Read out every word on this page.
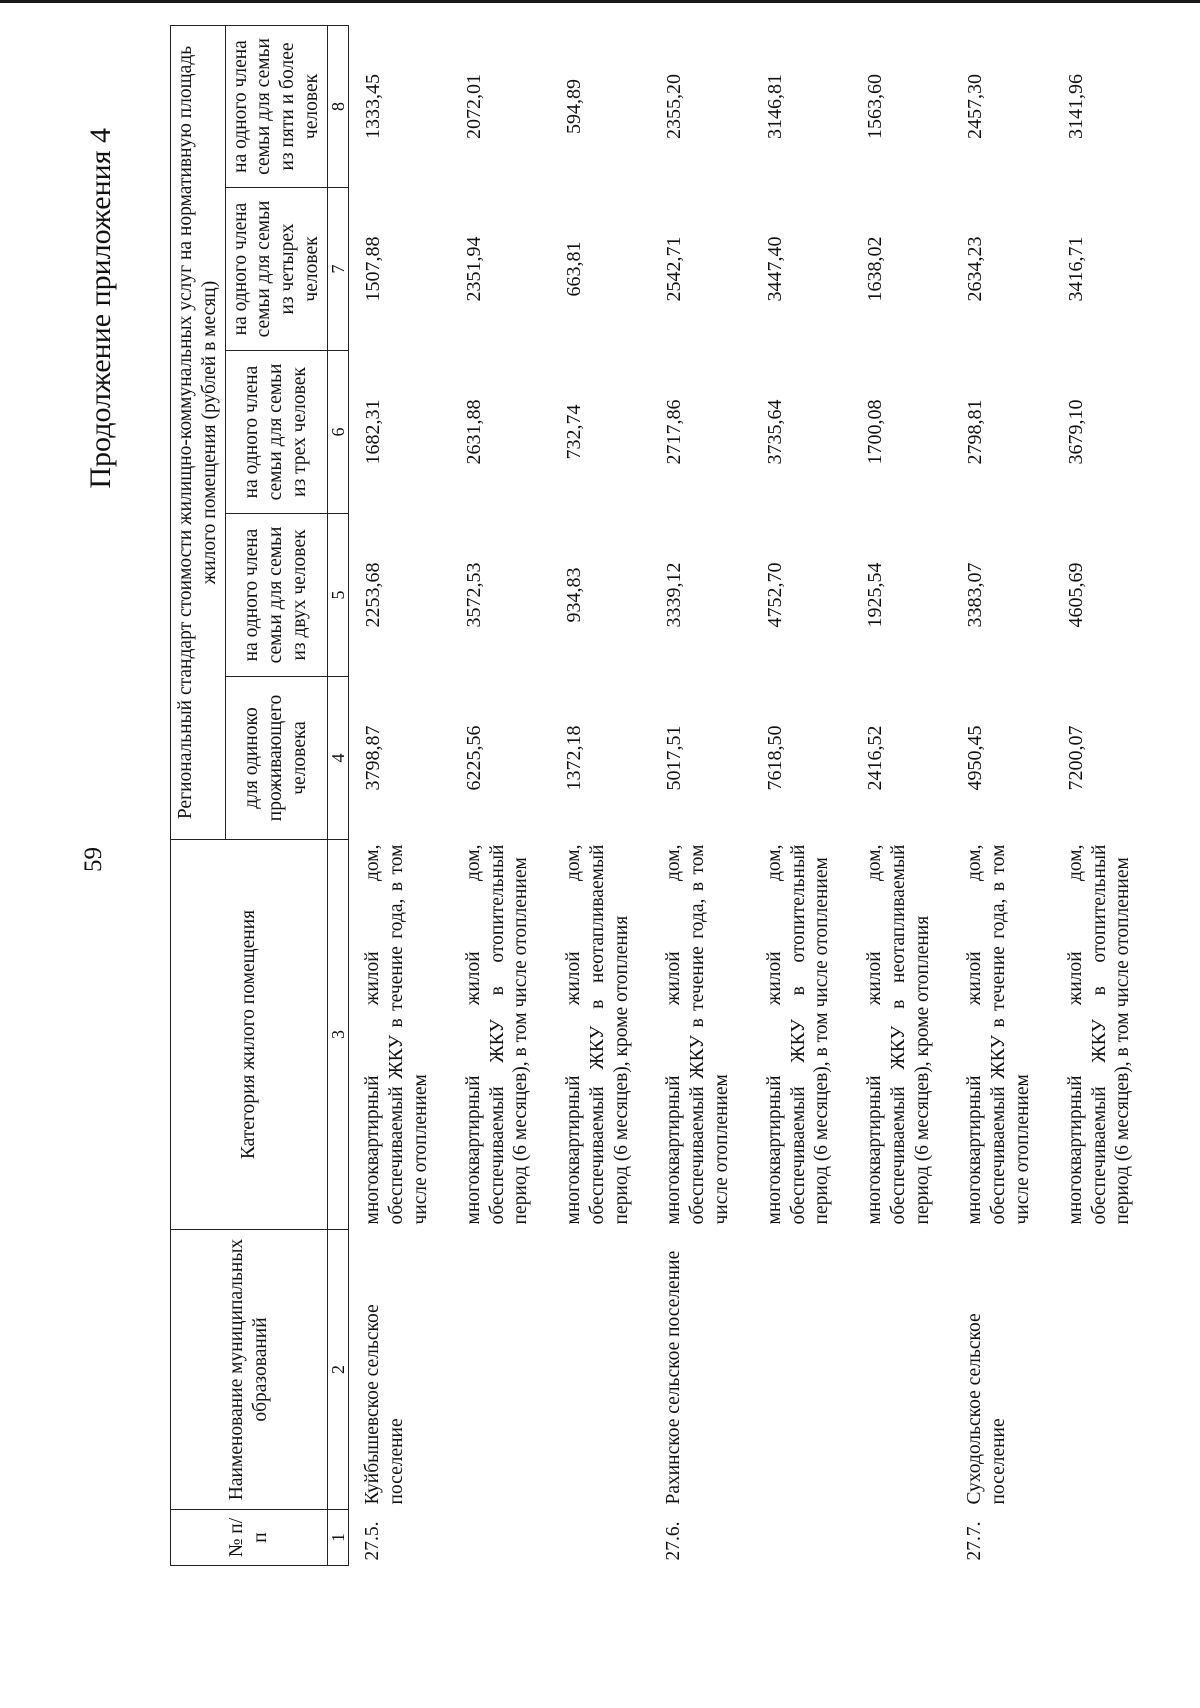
59
Продолжение приложения 4
№ п/п	Наименование муниципальных образований	Категория жилого помещения	Региональный стандарт стоимости жилищно-коммунальных услуг на нормативную площадь жилого помещения (рублей в месяц)				
			для одиноко проживающего человека	на одного члена семьи для семьи из двух человек	на одного члена семьи для семьи из трех человек	на одного члена семьи для семьи из четырех человек	на одного члена семьи для семьи из пяти и более человек
1	2	3	4	5	6	7	8
27.5.	Куйбышевское сельское поселение	многоквартирный жилой дом, обеспечиваемый ЖКУ в течение года, в том числе отоплением	3798,87	2253,68	1682,31	1507,88	1333,45
		многоквартирный жилой дом, обеспечиваемый ЖКУ в отопительный период (6 месяцев), в том числе отоплением	6225,56	3572,53	2631,88	2351,94	2072,01
		многоквартирный жилой дом, обеспечиваемый ЖКУ в неотапливаемый период (6 месяцев), кроме отопления	1372,18	934,83	732,74	663,81	594,89
27.6.	Рахинское сельское поселение	многоквартирный жилой дом, обеспечиваемый ЖКУ в течение года, в том числе отоплением	5017,51	3339,12	2717,86	2542,71	2355,20
		многоквартирный жилой дом, обеспечиваемый ЖКУ в отопительный период (6 месяцев), в том числе отоплением	7618,50	4752,70	3735,64	3447,40	3146,81
		многоквартирный жилой дом, обеспечиваемый ЖКУ в неотапливаемый период (6 месяцев), кроме отопления	2416,52	1925,54	1700,08	1638,02	1563,60
27.7.	Суходольское сельское поселение	многоквартирный жилой дом, обеспечиваемый ЖКУ в течение года, в том числе отоплением	4950,45	3383,07	2798,81	2634,23	2457,30
		многоквартирный жилой дом, обеспечиваемый ЖКУ в отопительный период (6 месяцев), в том числе отоплением	7200,07	4605,69	3679,10	3416,71	3141,96
